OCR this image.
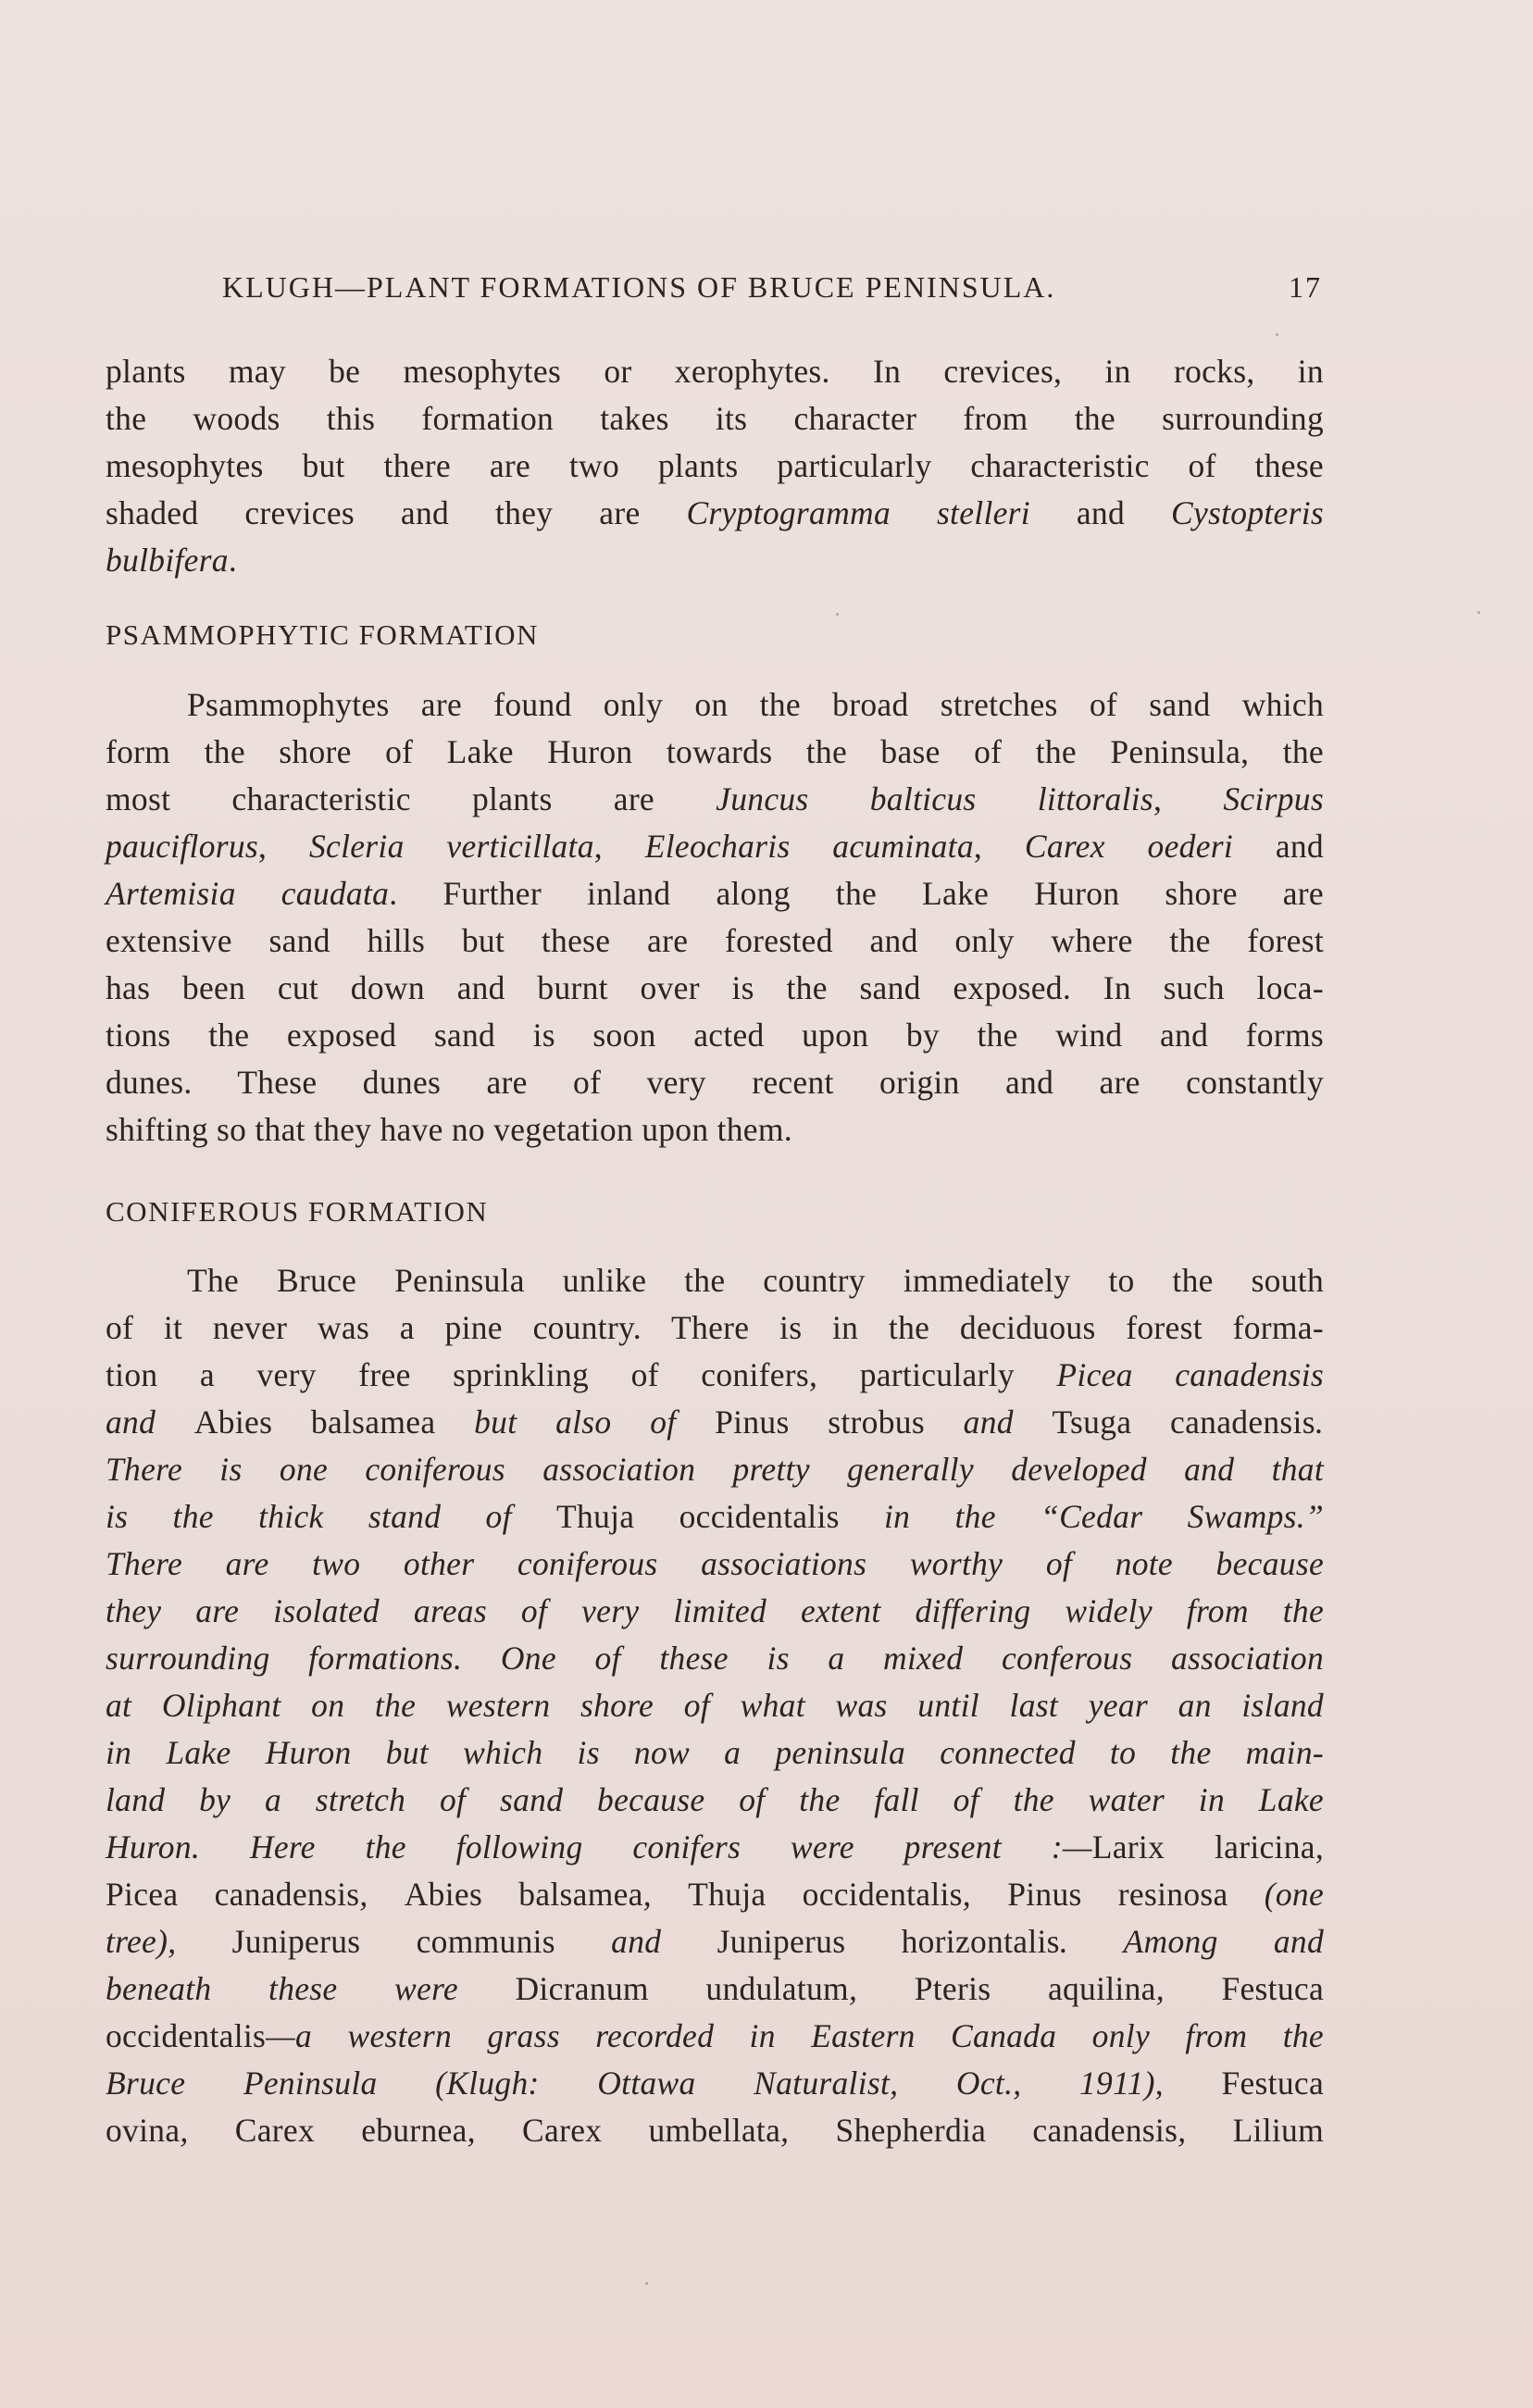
KLUGH—PLANT FORMATIONS OF BRUCE PENINSULA.	17
plants may be mesophytes or xerophytes. In crevices, in rocks, in
the woods this formation takes its character from the surrounding
mesophytes but there are two plants particularly characteristic of these
shaded crevices and they are Cryptogramma stelleri and Cystopteris
bulbifera.
PSAMMOPHYTIC FORMATION
Psammophytes are found only on the broad stretches of sand which
form the shore of Lake Huron towards the base of the Peninsula, the
most characteristic plants are Juncus balticus littoralis, Scirpus
pauciflorus, Scleria verticillata, Eleocharis acuminata, Carex oederi and
Artemisia caudata. Further inland along the Lake Huron shore are
extensive sand hills but these are forested and only where the forest
has been cut down and burnt over is the sand exposed. In such loca-
tions the exposed sand is soon acted upon by the wind and forms
dunes. These dunes are of very recent origin and are constantly
shifting so that they have no vegetation upon them.
CONIFEROUS FORMATION
The Bruce Peninsula unlike the country immediately to the south
of it never was a pine country. There is in the deciduous forest forma-
tion a very free sprinkling of conifers, particularly Picea canadensis
and Abies balsamea but also of Pinus strobus and Tsuga canadensis.
There is one coniferous association pretty generally developed and that
is the thick stand of Thuja occidentalis in the “Cedar Swamps.”
There are two other coniferous associations worthy of note because
they are isolated areas of very limited extent differing widely from the
surrounding formations. One of these is a mixed conferous association
at Oliphant on the western shore of what was until last year an island
in Lake Huron but which is now a peninsula connected to the main-
land by a stretch of sand because of the fall of the water in Lake
Huron. Here the following conifers were present :—Larix laricina,
Picea canadensis, Abies balsamea, Thuja occidentalis, Pinus resinosa (one
tree), Juniperus communis and Juniperus horizontalis. Among and
beneath these were Dicranum undulatum, Pteris aquilina, Festuca
occidentalis—a western grass recorded in Eastern Canada only from the
Bruce Peninsula (Klugh: Ottawa Naturalist, Oct., 1911), Festuca
ovina, Carex eburnea, Carex umbellata, Shepherdia canadensis, Lilium
